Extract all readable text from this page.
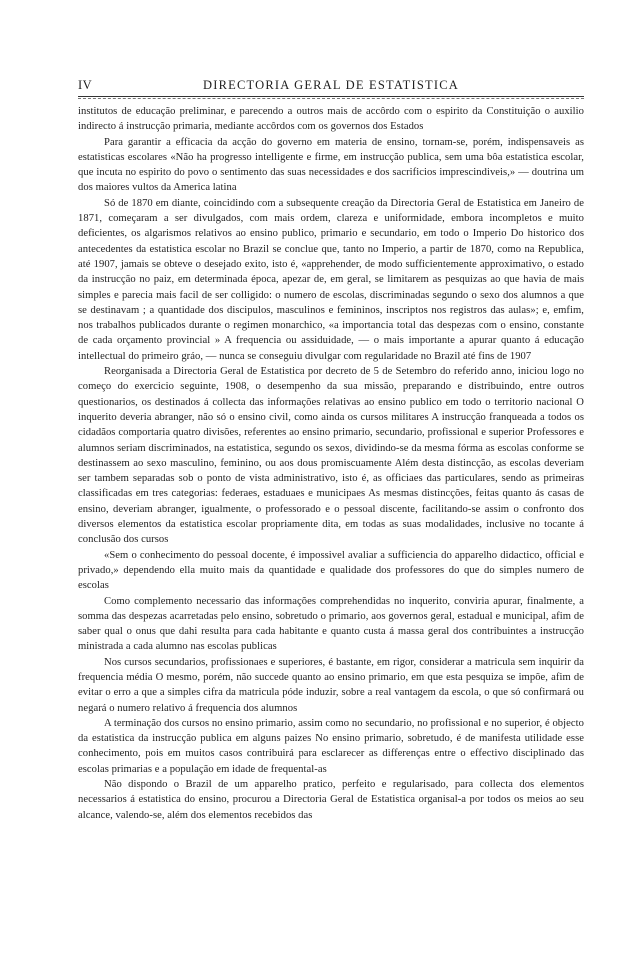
IV	DIRECTORIA GERAL DE ESTATISTICA

institutos de educação preliminar, e parecendo a outros mais de accôrdo com o espirito da Constituição o auxilio indirecto á instrucção primaria, mediante accôrdos com os governos dos Estados

Para garantir a efficacia da acção do governo em materia de ensino, tornam-se, porém, indispensaveis as estatisticas escolares «Não ha progresso intelligente e firme, em instrucção publica, sem uma bôa estatistica escolar, que incuta no espirito do povo o sentimento das suas necessidades e dos sacrificios imprescindiveis,» — doutrina um dos maiores vultos da America latina

Só de 1870 em diante, coincidindo com a subsequente creação da Directoria Geral de Estatistica em Janeiro de 1871, começaram a ser divulgados, com mais ordem, clareza e uniformidade, embora incompletos e muito deficientes, os algarismos relativos ao ensino publico, primario e secundario, em todo o Imperio Do historico dos antecedentes da estatistica escolar no Brazil se conclue que, tanto no Imperio, a partir de 1870, como na Republica, até 1907, jamais se obteve o desejado exito, isto é, «apprehender, de modo sufficientemente approximativo, o estado da instrucção no paiz, em determinada época, apezar de, em geral, se limitarem as pesquizas ao que havia de mais simples e parecia mais facil de ser colligido: o numero de escolas, discriminadas segundo o sexo dos alumnos a que se destinavam ; a quantidade dos discipulos, masculinos e femininos, inscriptos nos registros das aulas»; e, emfim, nos trabalhos publicados durante o regimen monarchico, «a importancia total das despezas com o ensino, constante de cada orçamento provincial » A frequencia ou assiduidade, — o mais importante a apurar quanto á educação intellectual do primeiro gráo, — nunca se conseguiu divulgar com regularidade no Brazil até fins de 1907

Reorganisada a Directoria Geral de Estatistica por decreto de 5 de Setembro do referido anno, iniciou logo no começo do exercicio seguinte, 1908, o desempenho da sua missão, preparando e distribuindo, entre outros questionarios, os destinados á collecta das informações relativas ao ensino publico em todo o territorio nacional O inquerito deveria abranger, não só o ensino civil, como ainda os cursos militares A instrucção franqueada a todos os cidadãos comportaria quatro divisões, referentes ao ensino primario, secundario, profissional e superior Professores e alumnos seriam discriminados, na estatistica, segundo os sexos, dividindo-se da mesma fórma as escolas conforme se destinassem ao sexo masculino, feminino, ou aos dous promiscuamente Além desta distincção, as escolas deveriam ser tambem separadas sob o ponto de vista administrativo, isto é, as officiaes das particulares, sendo as primeiras classificadas em tres categorias: federaes, estaduaes e municipaes As mesmas distincções, feitas quanto ás casas de ensino, deveriam abranger, igualmente, o professorado e o pessoal discente, facilitando-se assim o confronto dos diversos elementos da estatistica escolar propriamente dita, em todas as suas modalidades, inclusive no tocante á conclusão dos cursos

«Sem o conhecimento do pessoal docente, é impossivel avaliar a sufficiencia do apparelho didactico, official e privado,» dependendo ella muito mais da quantidade e qualidade dos professores do que do simples numero de escolas

Como complemento necessario das informações comprehendidas no inquerito, conviria apurar, finalmente, a somma das despezas acarretadas pelo ensino, sobretudo o primario, aos governos geral, estadual e municipal, afim de saber qual o onus que dahi resulta para cada habitante e quanto custa á massa geral dos contribuintes a instrucção ministrada a cada alumno nas escolas publicas

Nos cursos secundarios, profissionaes e superiores, é bastante, em rigor, considerar a matricula sem inquirir da frequencia média O mesmo, porém, não succede quanto ao ensino primario, em que esta pesquiza se impõe, afim de evitar o erro a que a simples cifra da matricula póde induzir, sobre a real vantagem da escola, o que só confirmará ou negará o numero relativo á frequencia dos alumnos

A terminação dos cursos no ensino primario, assim como no secundario, no profissional e no superior, é objecto da estatistica da instrucção publica em alguns paizes No ensino primario, sobretudo, é de manifesta utilidade esse conhecimento, pois em muitos casos contribuirá para esclarecer as differenças entre o effectivo disciplinado das escolas primarias e a população em idade de frequental-as

Não dispondo o Brazil de um apparelho pratico, perfeito e regularisado, para collecta dos elementos necessarios á estatistica do ensino, procurou a Directoria Geral de Estatistica organisal-a por todos os meios ao seu alcance, valendo-se, além dos elementos recebidos das
